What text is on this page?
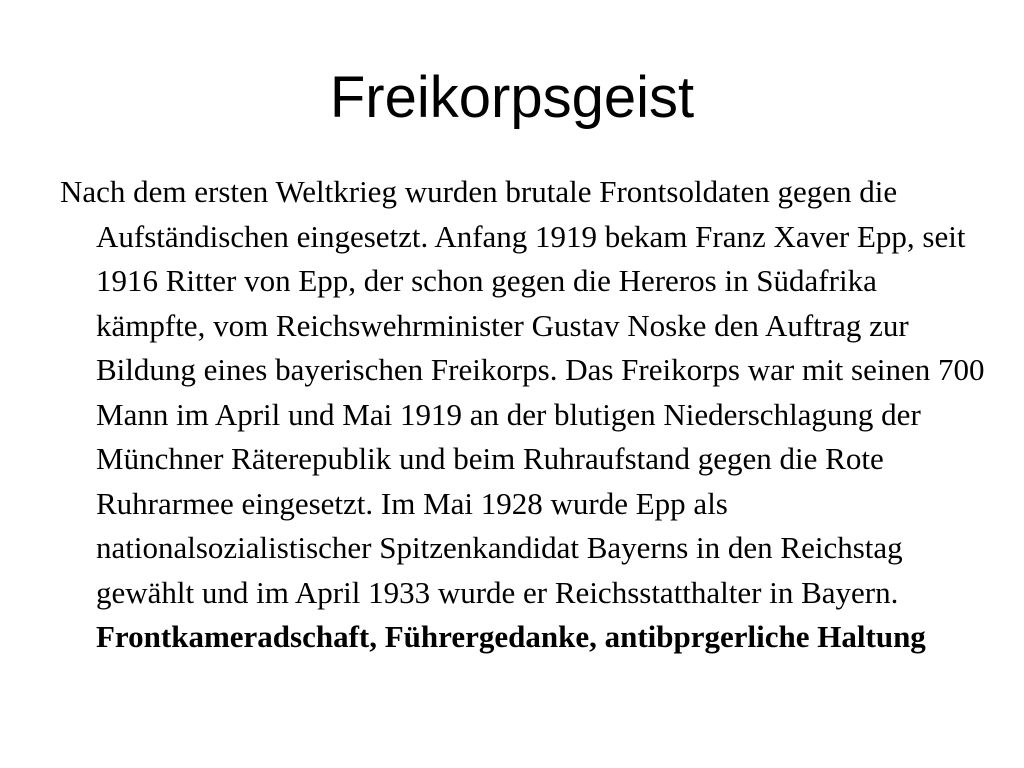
Freikorpsgeist

Nach dem ersten Weltkrieg wurden brutale Frontsoldaten gegen die Aufständischen eingesetzt. Anfang 1919 bekam Franz Xaver Epp, seit 1916 Ritter von Epp, der schon gegen die Hereros in Südafrika kämpfte, vom Reichswehrminister Gustav Noske den Auftrag zur Bildung eines bayerischen Freikorps. Das Freikorps war mit seinen 700 Mann im April und Mai 1919 an der blutigen Niederschlagung der Münchner Räterepublik und beim Ruhraufstand gegen die Rote Ruhrarmee eingesetzt. Im Mai 1928 wurde Epp als nationalsozialistischer Spitzenkandidat Bayerns in den Reichstag gewählt und im April 1933 wurde er Reichsstatthalter in Bayern.  Frontkameradschaft, Führergedanke, antibprgerliche Haltung
